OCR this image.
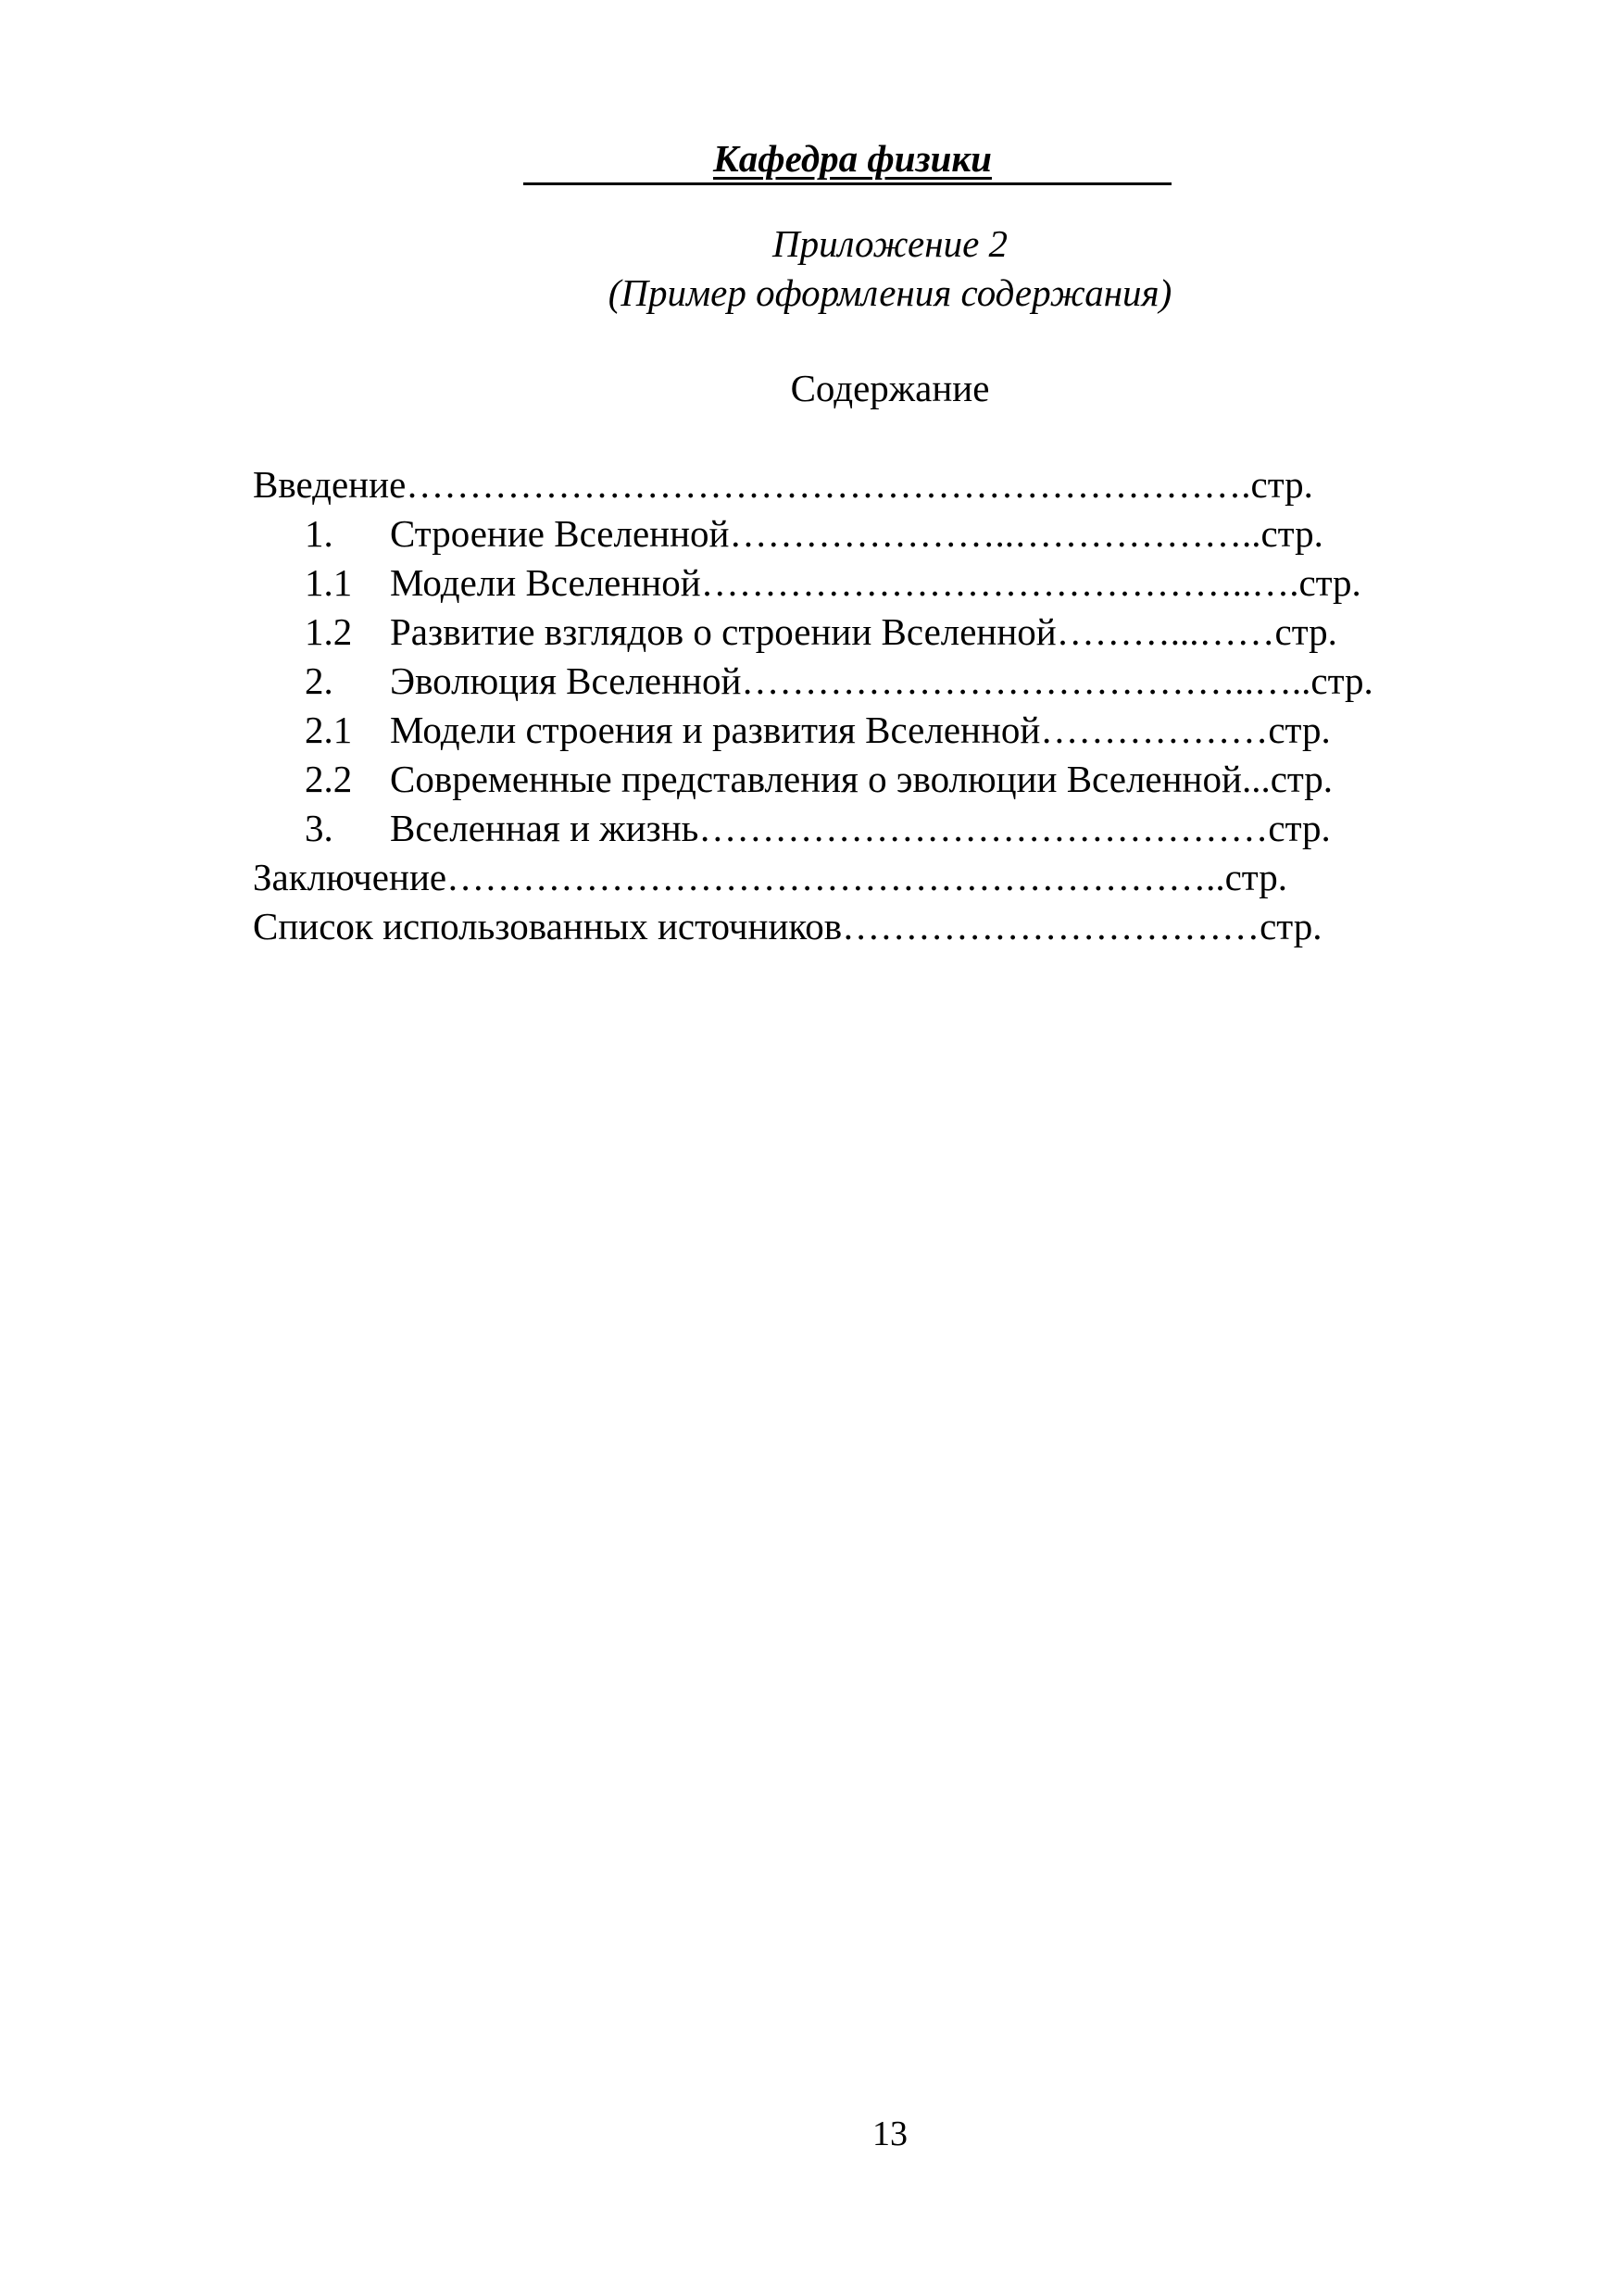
Кафедра физики
Приложение 2
(Пример оформления содержания)
Содержание
Введение………………………………………………………….стр.
1. Строение Вселенной…………………..………………..стр.
1.1 Модели Вселенной……………………………………..….стр.
1.2 Развитие взглядов о строении Вселенной………...……стр.
2. Эволюция Вселенной…………………………………..…..стр.
2.1 Модели строения и развития Вселенной………………стр.
2.2 Современные представления о эволюции Вселенной...стр.
3. Вселенная и жизнь………………………………………стр.
Заключение……………………………………………………..стр.
Список использованных источников……………………………стр.
13
